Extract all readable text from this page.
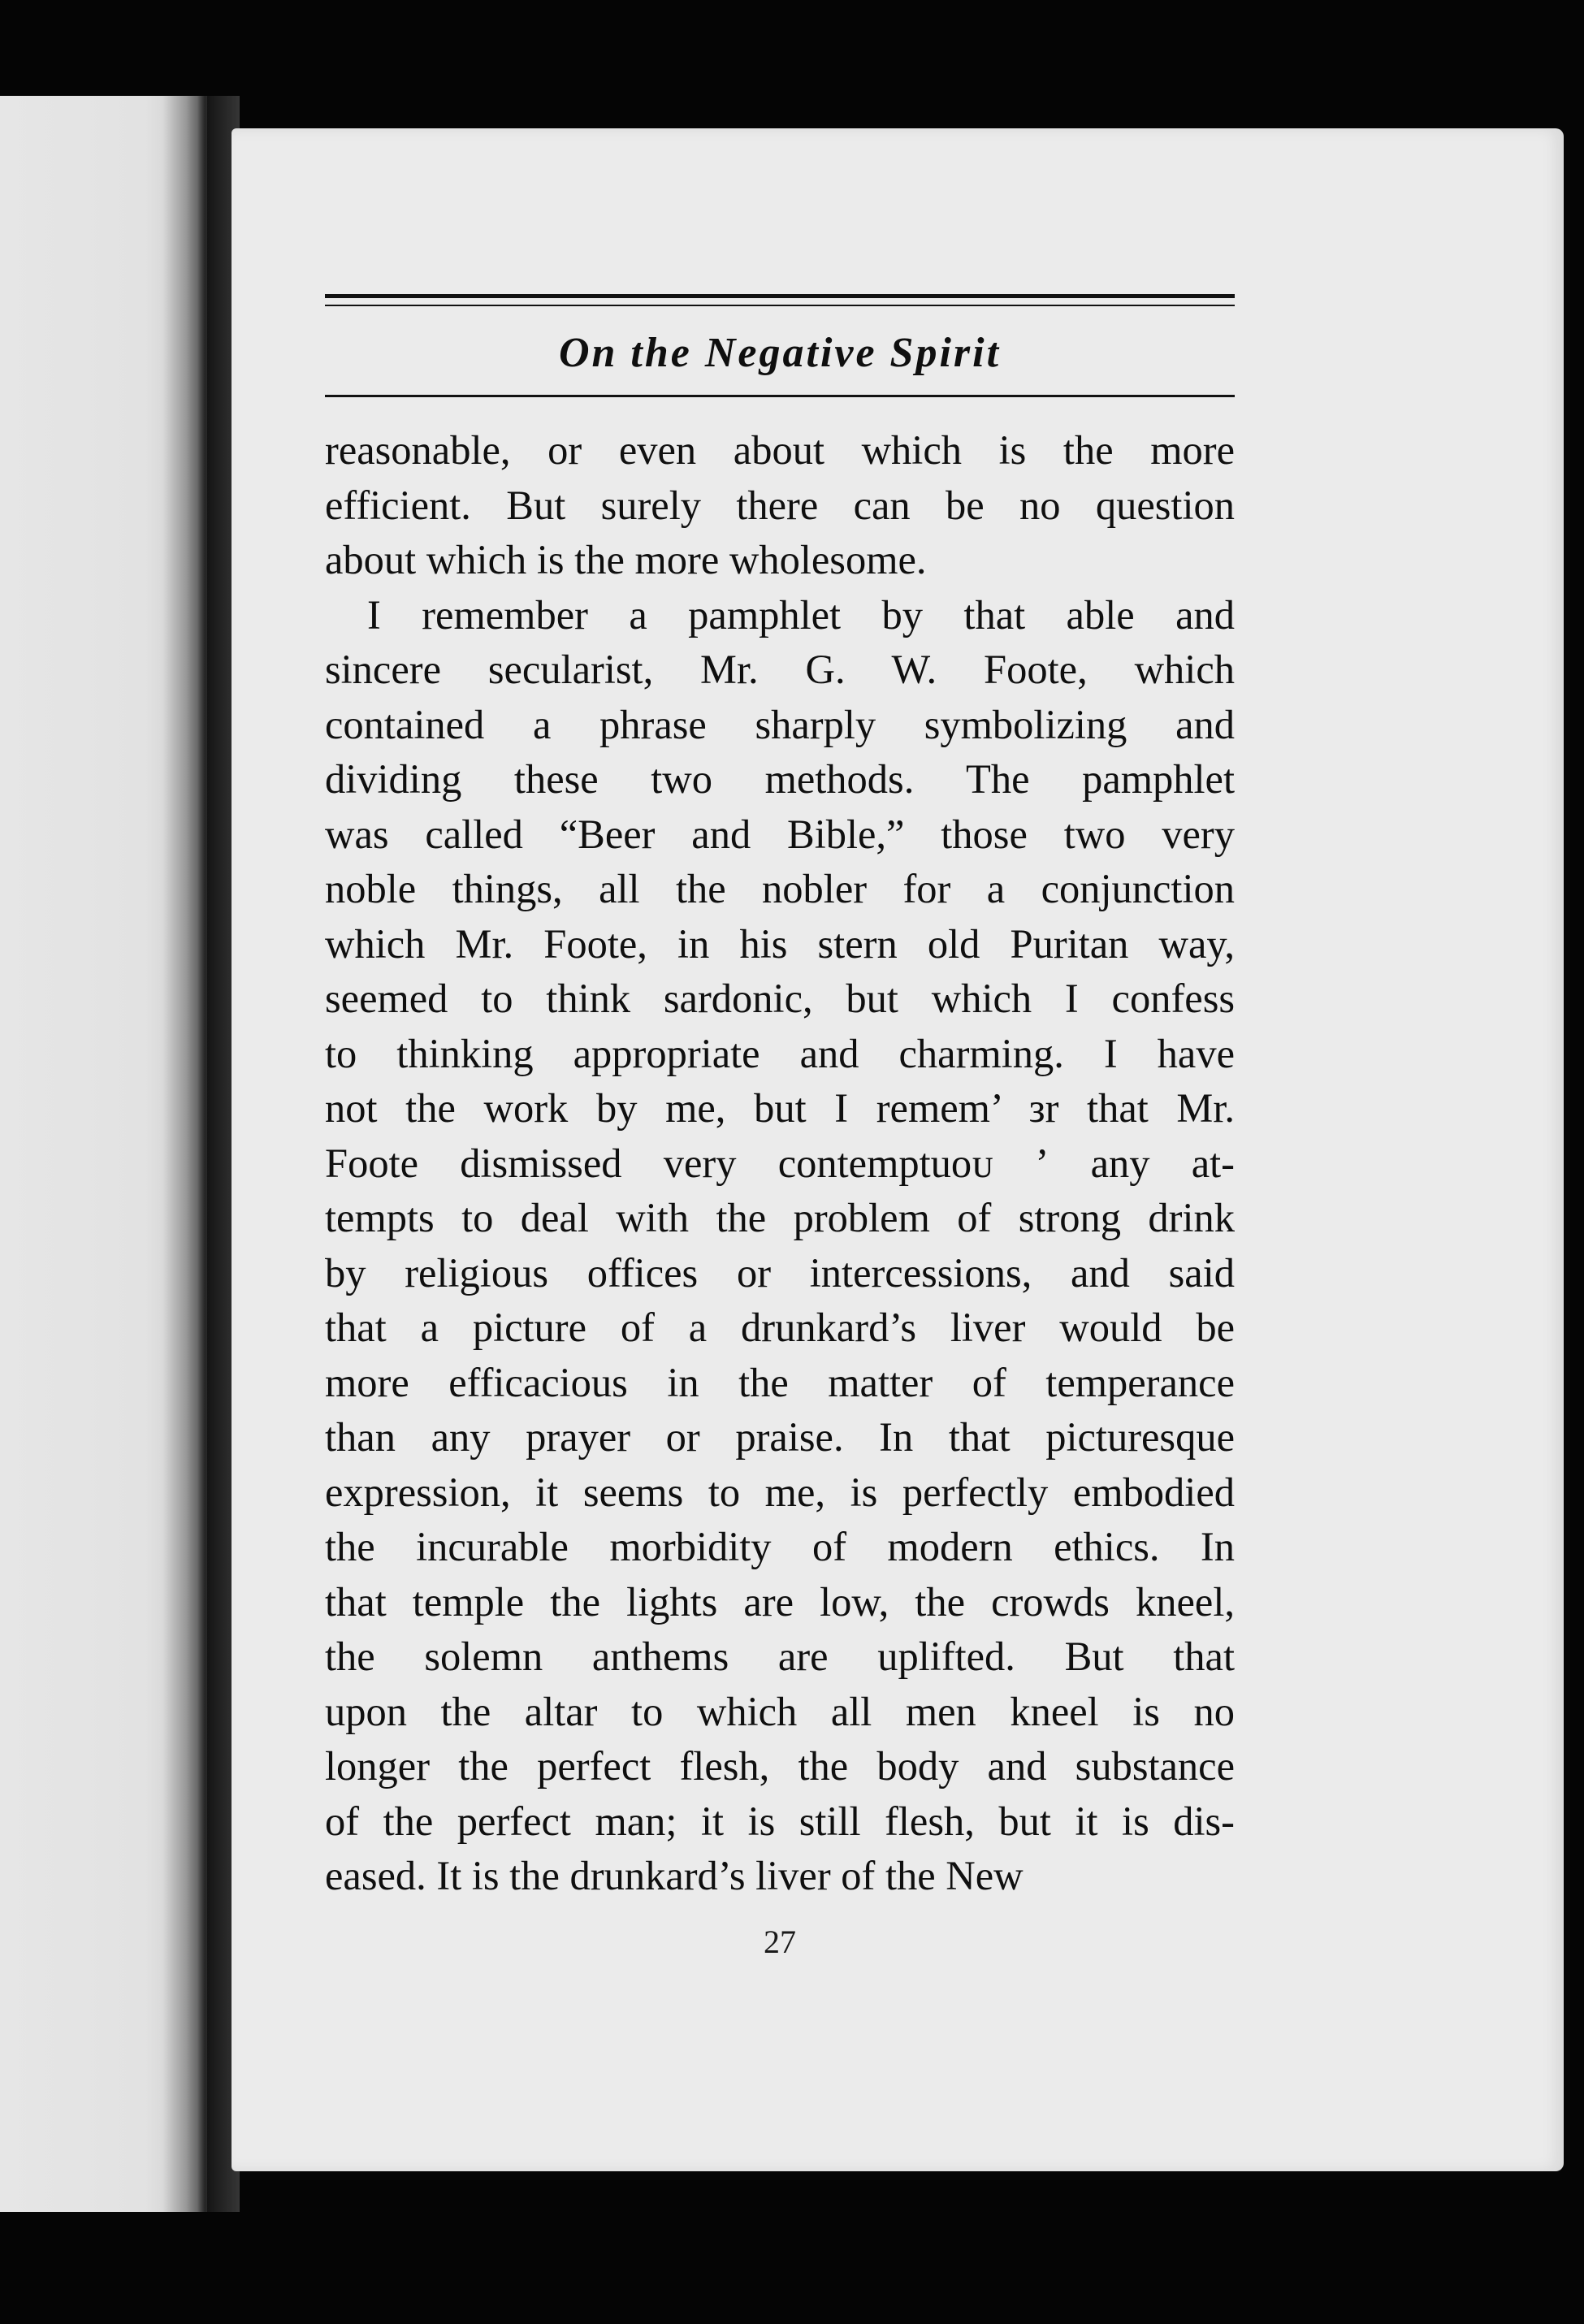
On the Negative Spirit

reasonable, or even about which is the more
efficient. But surely there can be no question
about which is the more wholesome.

I remember a pamphlet by that able and
sincere secularist, Mr. G. W. Foote, which
contained a phrase sharply symbolizing and
dividing these two methods. The pamphlet
was called “Beer and Bible,” those two very
noble things, all the nobler for a conjunction
which Mr. Foote, in his stern old Puritan way,
seemed to think sardonic, but which I confess
to thinking appropriate and charming. I have
not the work by me, but I remem’ зr that Mr.
Foote dismissed very contemptuoᴜ ʼ any at-
tempts to deal with the problem of strong drink
by religious offices or intercessions, and said
that a picture of a drunkard’s liver would be
more efficacious in the matter of temperance
than any prayer or praise. In that picturesque
expression, it seems to me, is perfectly embodied
the incurable morbidity of modern ethics. In
that temple the lights are low, the crowds kneel,
the solemn anthems are uplifted. But that
upon the altar to which all men kneel is no
longer the perfect flesh, the body and substance
of the perfect man; it is still flesh, but it is dis-
eased. It is the drunkard’s liver of the New

27
